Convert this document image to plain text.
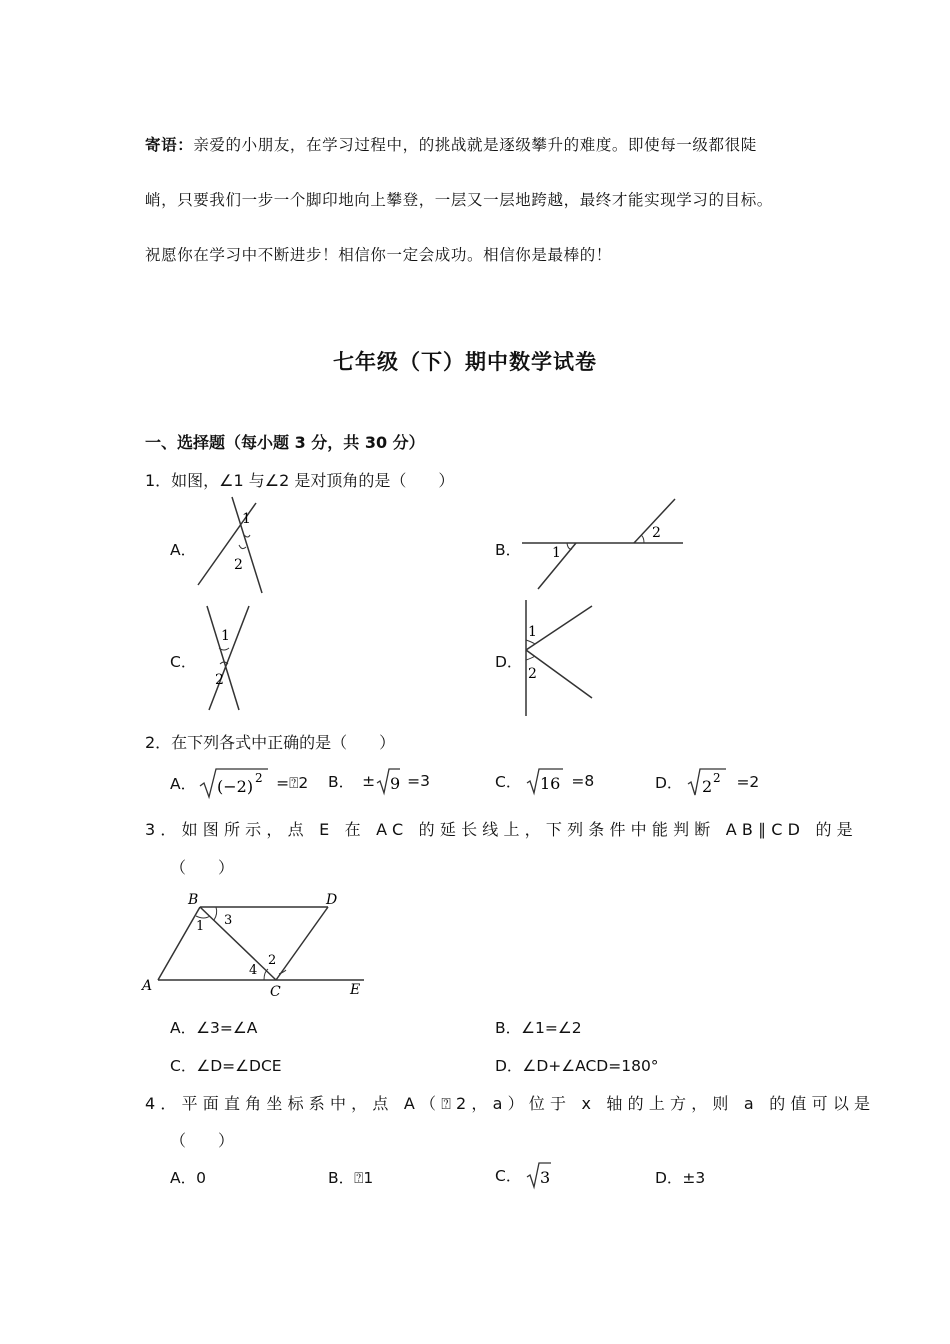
寄语：亲爱的小朋友，在学习过程中，的挑战就是逐级攀升的难度。即使每一级都很陡
峭，只要我们一步一个脚印地向上攀登，一层又一层地跨越，最终才能实现学习的目标。
祝愿你在学习中不断进步！相信你一定会成功。相信你是最棒的！
七年级（下）期中数学试卷
一、选择题（每小题 3 分，共 30 分）
1．如图，∠1 与∠2 是对顶角的是（　　）
A．
1
2
B． 1
2
C．
1
2
D．
1
2
2．在下列各式中正确的是（　　）
A． (−2) 2 =⍰2 B． ± 9 =3	C． 16 =8	D． 2 2 =2
3．如图所示，点 E 在 AC 的延长线上，下列条件中能判断 AB∥CD 的是
（　　）
A
B
C
D
E
1
2
3
4
A．∠3=∠A	B．∠1=∠2
C．∠D=∠DCE	D．∠D+∠ACD=180°
4．平面直角坐标系中，点 A（⍰2，a）位于 x 轴的上方，则 a 的值可以是
（　　）
A．0	B．⍰1	C． 3	D．±3
